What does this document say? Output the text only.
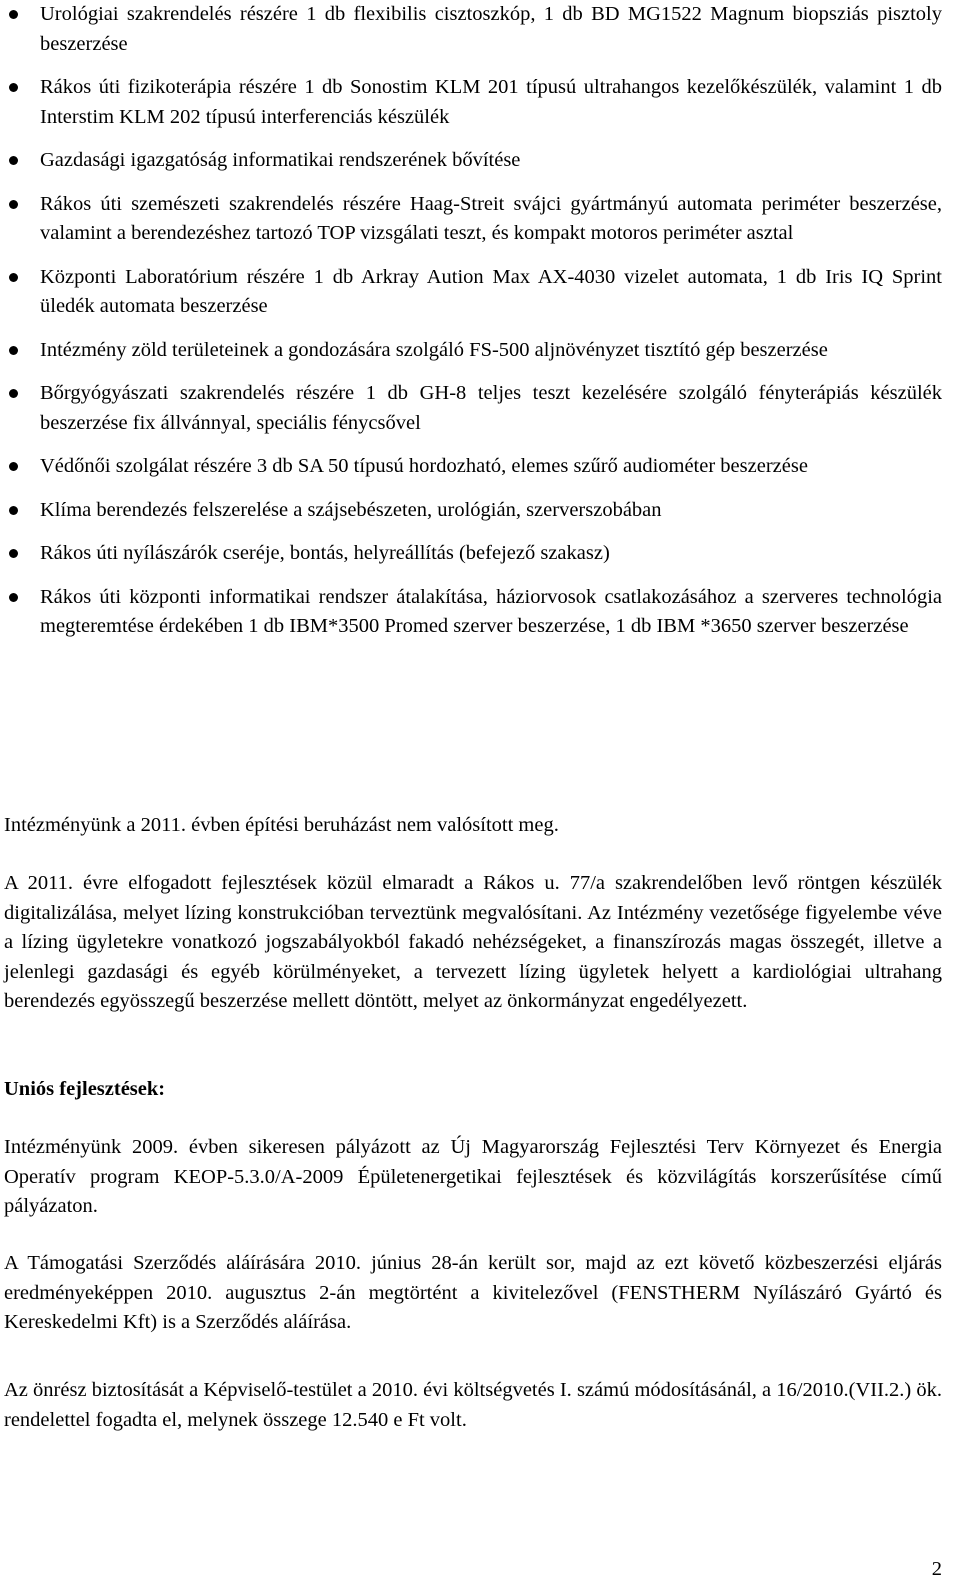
Urológiai szakrendelés részére 1 db flexibilis cisztoszkóp, 1 db BD MG1522 Magnum biopsziás pisztoly beszerzése
Rákos úti fizikoterápia részére 1 db Sonostim KLM 201 típusú ultrahangos kezelőkészülék, valamint 1 db Interstim KLM 202 típusú interferenciás készülék
Gazdasági igazgatóság informatikai rendszerének bővítése
Rákos úti szemészeti szakrendelés részére Haag-Streit svájci gyártmányú automata periméter beszerzése, valamint a berendezéshez tartozó TOP vizsgálati teszt, és kompakt motoros periméter asztal
Központi Laboratórium részére 1 db Arkray Aution Max AX-4030 vizelet automata, 1 db Iris IQ Sprint üledék automata beszerzése
Intézmény zöld területeinek a gondozására szolgáló FS-500 aljnövényzet tisztító gép beszerzése
Bőrgyógyászati szakrendelés részére 1 db GH-8 teljes teszt kezelésére szolgáló fényterápiás készülék beszerzése fix állvánnyal, speciális fénycsővel
Védőnői szolgálat részére 3 db SA 50 típusú hordozható, elemes szűrő audiométer beszerzése
Klíma berendezés felszerelése a szájsebészeten, urológián, szerverszobában
Rákos úti nyílászárók cseréje, bontás, helyreállítás (befejező szakasz)
Rákos úti központi informatikai rendszer átalakítása, háziorvosok csatlakozásához a szerveres technológia megteremtése érdekében 1 db IBM*3500 Promed szerver beszerzése, 1 db IBM *3650 szerver beszerzése

Intézményünk a 2011. évben építési beruházást nem valósított meg.

A 2011. évre elfogadott fejlesztések közül elmaradt a Rákos u. 77/a szakrendelőben levő röntgen készülék digitalizálása, melyet lízing konstrukcióban terveztünk megvalósítani. Az Intézmény vezetősége figyelembe véve a lízing ügyletekre vonatkozó jogszabályokból fakadó nehézségeket, a finanszírozás magas összegét, illetve a jelenlegi gazdasági és egyéb körülményeket, a tervezett lízing ügyletek helyett a kardiológiai ultrahang berendezés egyösszegű beszerzése mellett döntött, melyet az önkormányzat engedélyezett.

Uniós fejlesztések:

Intézményünk 2009. évben sikeresen pályázott az Új Magyarország Fejlesztési Terv Környezet és Energia Operatív program KEOP-5.3.0/A-2009 Épületenergetikai fejlesztések és közvilágítás korszerűsítése című pályázaton.

A Támogatási Szerződés aláírására 2010. június 28-án került sor, majd az ezt követő közbeszerzési eljárás eredményeképpen 2010. augusztus 2-án megtörtént a kivitelezővel (FENSTHERM Nyílászáró Gyártó és Kereskedelmi Kft) is a Szerződés aláírása.

Az önrész biztosítását a Képviselő-testület a 2010. évi költségvetés I. számú módosításánál, a 16/2010.(VII.2.) ök. rendelettel fogadta el, melynek összege 12.540 e Ft volt.

2
